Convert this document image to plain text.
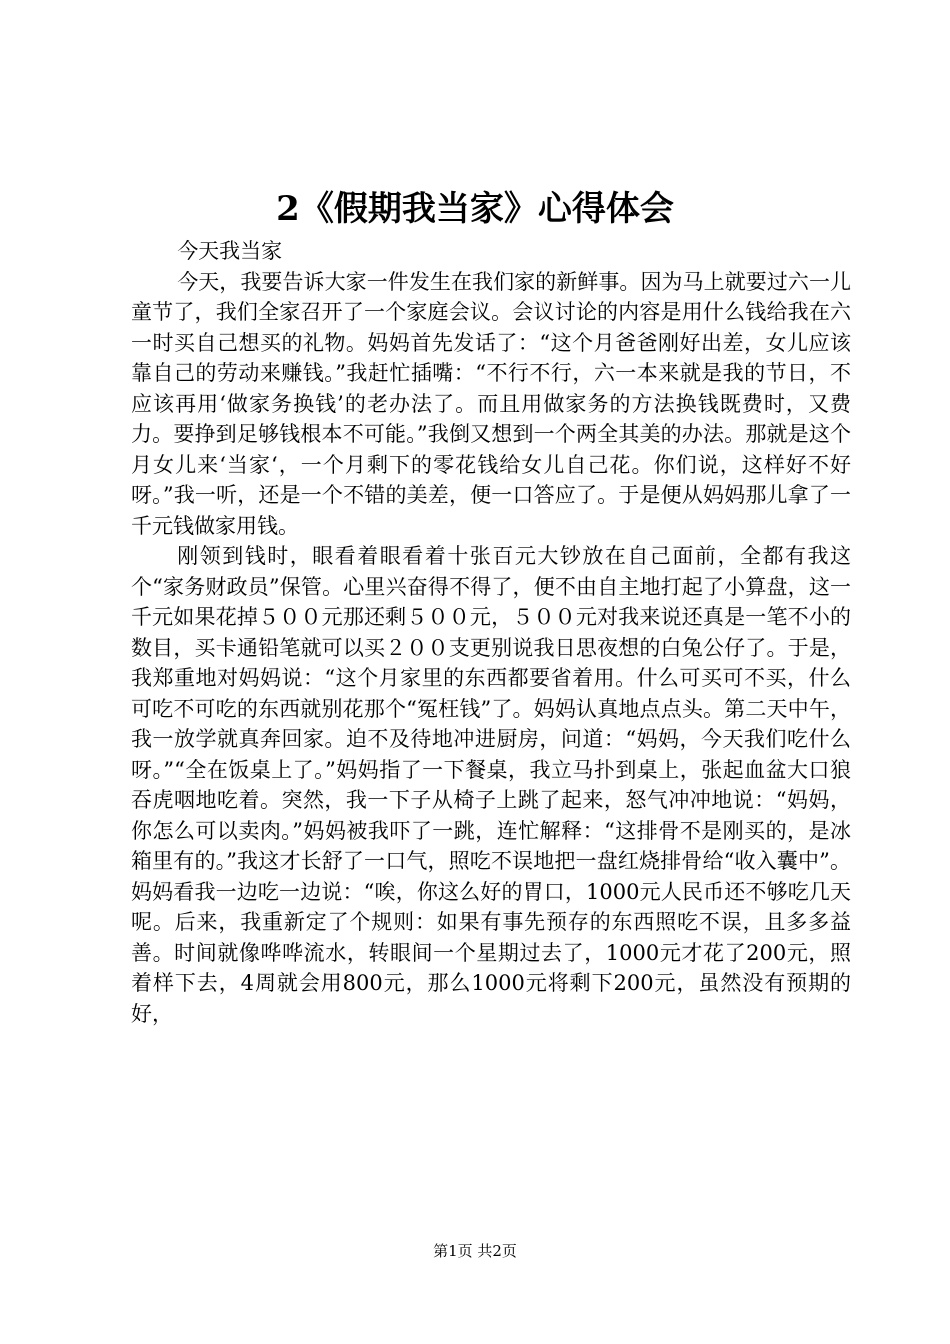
2《假期我当家》心得体会

今天我当家

今天，我要告诉大家一件发生在我们家的新鲜事。因为马上就要过六一儿童节了，我们全家召开了一个家庭会议。会议讨论的内容是用什么钱给我在六一时买自己想买的礼物。妈妈首先发话了：“这个月爸爸刚好出差，女儿应该靠自己的劳动来赚钱。”我赶忙插嘴：“不行不行，六一本来就是我的节日，不应该再用‘做家务换钱’的老办法了。而且用做家务的方法换钱既费时，又费力。要挣到足够钱根本不可能。”我倒又想到一个两全其美的办法。那就是这个月女儿来‘当家‘，一个月剩下的零花钱给女儿自己花。你们说，这样好不好呀。”我一听，还是一个不错的美差，便一口答应了。于是便从妈妈那儿拿了一千元钱做家用钱。

刚领到钱时，眼看着眼看着十张百元大钞放在自己面前，全都有我这个“家务财政员”保管。心里兴奋得不得了，便不由自主地打起了小算盘，这一千元如果花掉５００元那还剩５００元，５００元对我来说还真是一笔不小的数目，买卡通铅笔就可以买２００支更别说我日思夜想的白兔公仔了。于是，我郑重地对妈妈说：“这个月家里的东西都要省着用。什么可买可不买，什么可吃不可吃的东西就别花那个“冤枉钱”了。妈妈认真地点点头。第二天中午，我一放学就真奔回家。迫不及待地冲进厨房，问道：“妈妈，今天我们吃什么呀。”“全在饭桌上了。”妈妈指了一下餐桌，我立马扑到桌上，张起血盆大口狼吞虎咽地吃着。突然，我一下子从椅子上跳了起来，怒气冲冲地说：“妈妈，你怎么可以卖肉。”妈妈被我吓了一跳，连忙解释：“这排骨不是刚买的，是冰箱里有的。”我这才长舒了一口气，照吃不误地把一盘红烧排骨给“收入囊中”。妈妈看我一边吃一边说：“唉，你这么好的胃口，1000元人民币还不够吃几天呢。后来，我重新定了个规则：如果有事先预存的东西照吃不误，且多多益善。时间就像哗哗流水，转眼间一个星期过去了，1000元才花了200元，照着样下去，4周就会用800元，那么1000元将剩下200元，虽然没有预期的好，

第1页 共2页
